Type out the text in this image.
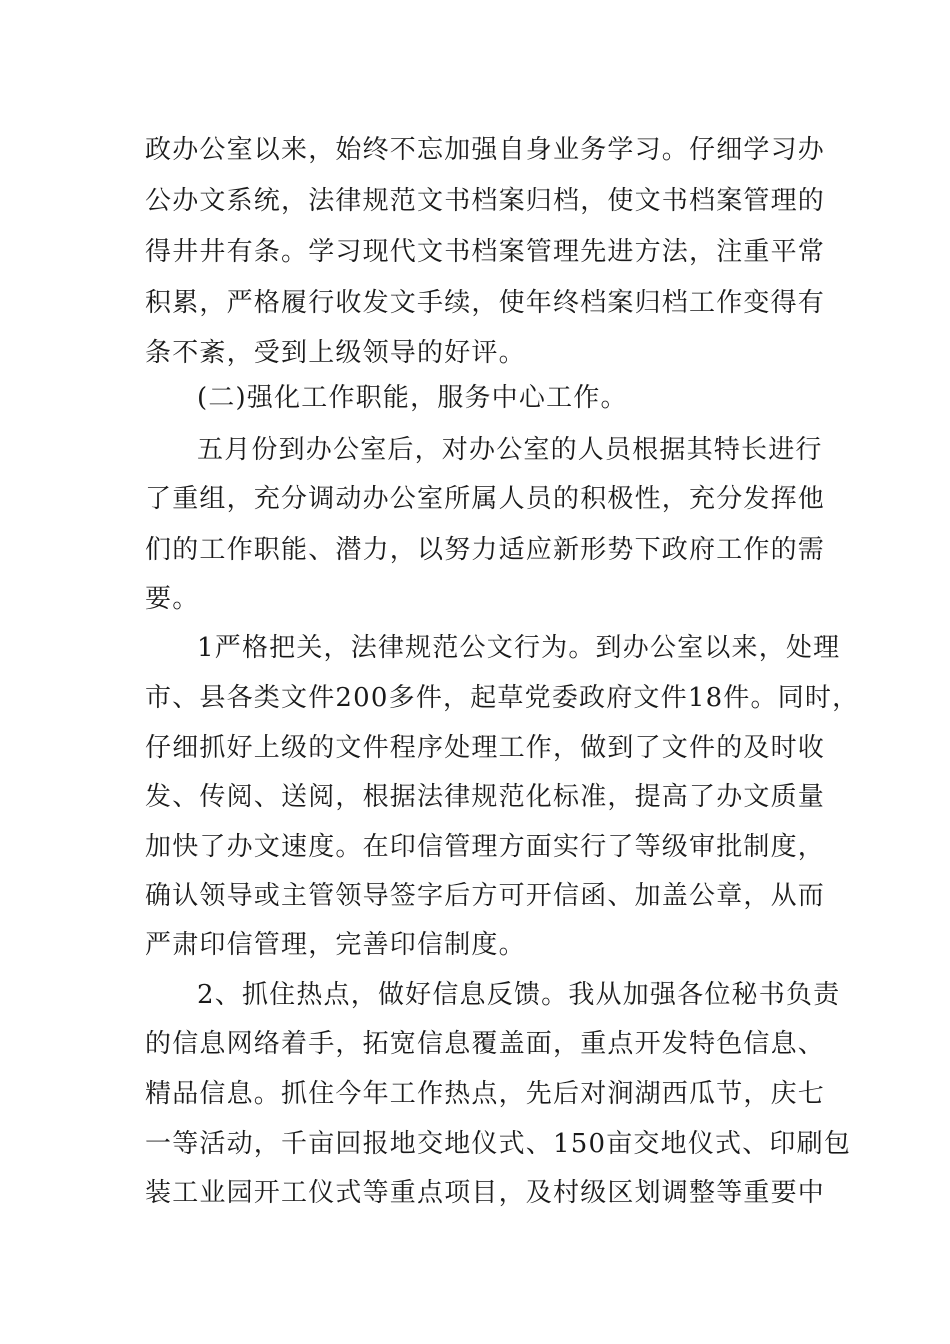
政办公室以来，始终不忘加强自身业务学习。仔细学习办
公办文系统，法律规范文书档案归档，使文书档案管理的
得井井有条。学习现代文书档案管理先进方法，注重平常
积累，严格履行收发文手续，使年终档案归档工作变得有
条不紊，受到上级领导的好评。
(二)强化工作职能，服务中心工作。
五月份到办公室后，对办公室的人员根据其特长进行
了重组，充分调动办公室所属人员的积极性，充分发挥他
们的工作职能、潜力，以努力适应新形势下政府工作的需
要。
1严格把关，法律规范公文行为。到办公室以来，处理
市、县各类文件200多件，起草党委政府文件18件。同时，
仔细抓好上级的文件程序处理工作，做到了文件的及时收
发、传阅、送阅，根据法律规范化标准，提高了办文质量
加快了办文速度。在印信管理方面实行了等级审批制度，
确认领导或主管领导签字后方可开信函、加盖公章，从而
严肃印信管理，完善印信制度。
2、抓住热点，做好信息反馈。我从加强各位秘书负责
的信息网络着手，拓宽信息覆盖面，重点开发特色信息、
精品信息。抓住今年工作热点，先后对涧湖西瓜节，庆七
一等活动，千亩回报地交地仪式、150亩交地仪式、印刷包
装工业园开工仪式等重点项目，及村级区划调整等重要中
